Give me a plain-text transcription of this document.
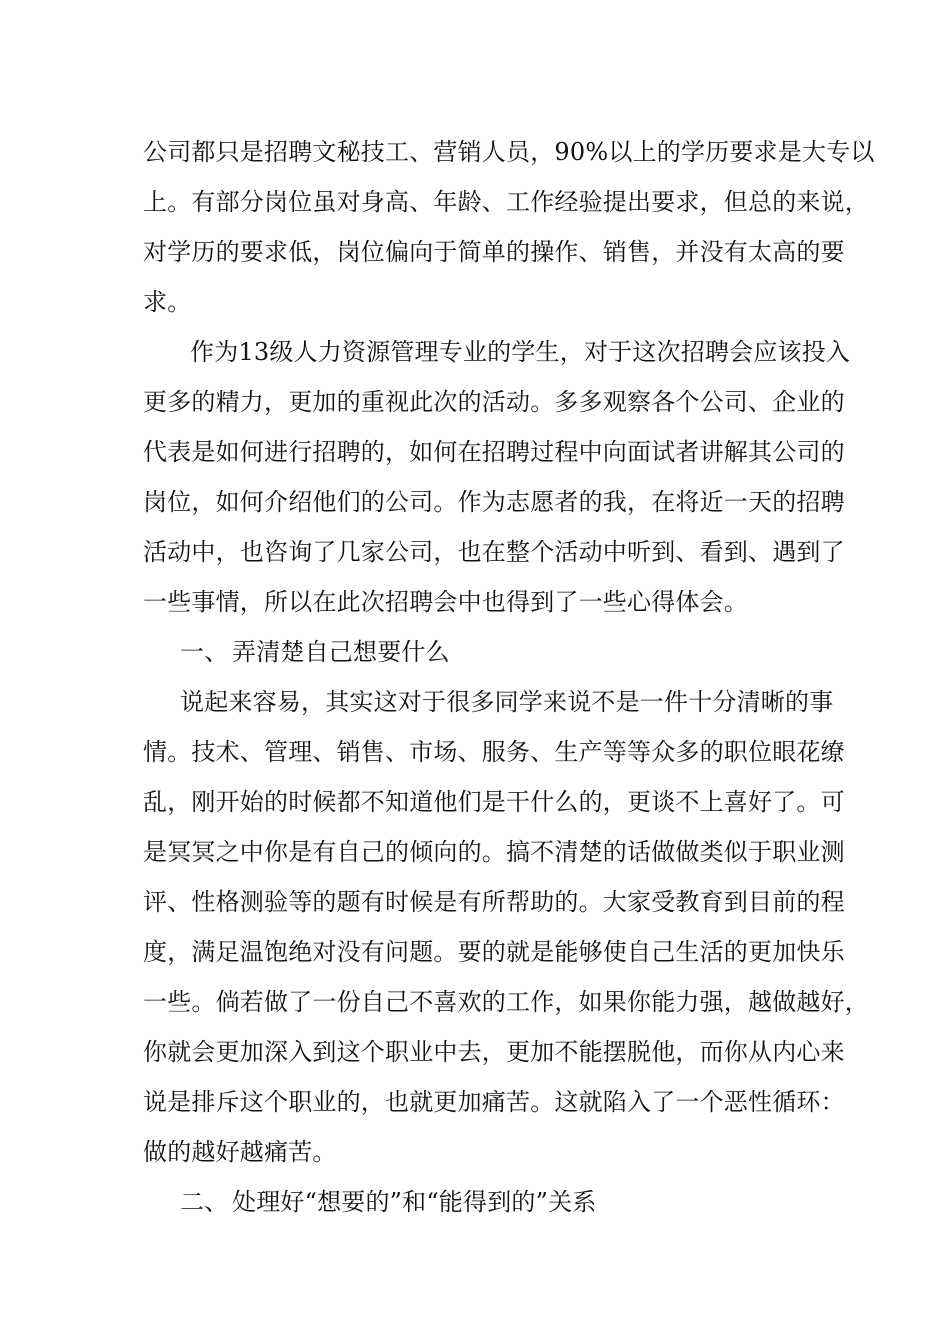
公司都只是招聘文秘技工、营销人员，90%以上的学历要求是大专以
上。有部分岗位虽对身高、年龄、工作经验提出要求，但总的来说，
对学历的要求低，岗位偏向于简单的操作、销售，并没有太高的要
求。
作为13级人力资源管理专业的学生，对于这次招聘会应该投入
更多的精力，更加的重视此次的活动。多多观察各个公司、企业的
代表是如何进行招聘的，如何在招聘过程中向面试者讲解其公司的
岗位，如何介绍他们的公司。作为志愿者的我，在将近一天的招聘
活动中，也咨询了几家公司，也在整个活动中听到、看到、遇到了
一些事情，所以在此次招聘会中也得到了一些心得体会。
一、 弄清楚自己想要什么
说起来容易，其实这对于很多同学来说不是一件十分清晰的事
情。技术、管理、销售、市场、服务、生产等等众多的职位眼花缭
乱，刚开始的时候都不知道他们是干什么的，更谈不上喜好了。可
是冥冥之中你是有自己的倾向的。搞不清楚的话做做类似于职业测
评、性格测验等的题有时候是有所帮助的。大家受教育到目前的程
度，满足温饱绝对没有问题。要的就是能够使自己生活的更加快乐
一些。倘若做了一份自己不喜欢的工作，如果你能力强，越做越好，
你就会更加深入到这个职业中去，更加不能摆脱他，而你从内心来
说是排斥这个职业的，也就更加痛苦。这就陷入了一个恶性循环：
做的越好越痛苦。
二、 处理好“想要的”和“能得到的”关系
